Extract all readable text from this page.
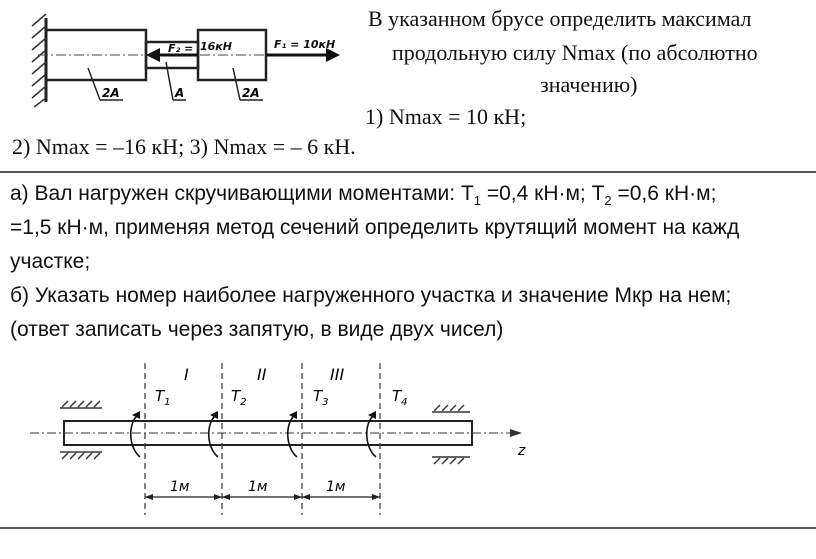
F₂ = 16кН	F₁ = 10кН
2A	A	2A
В указанном брусе определить максимал
продольную силу Nmax (по абсолютно
значению)
1) Nmax = 10 кН;
2) Nmax = –16 кН; 3) Nmax = – 6 кН.
а) Вал нагружен скручивающими моментами: $T_1 =0,4$ кН·м; $T_2 =0,6$ кН·м;
=1,5 кН·м, применяя метод сечений определить крутящий момент на кажд
участке;
б) Указать номер наиболее нагруженного участка и значение Мкр на нем;
(ответ записать через запятую, в виде двух чисел)
z
I	II	III
$T_1$	$T_2$	$T_3$	$T_4$
1м	1м	1м
